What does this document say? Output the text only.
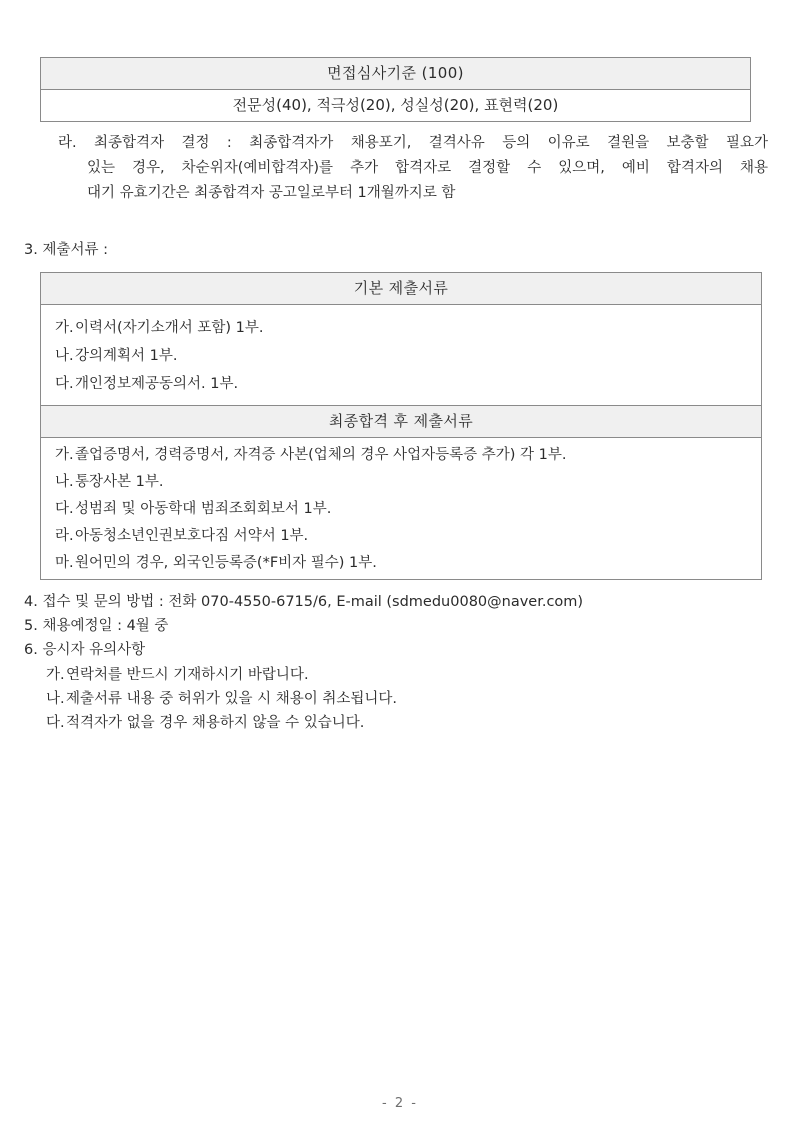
면접심사기준 (100)
전문성(40), 적극성(20), 성실성(20), 표현력(20)
라. 최종합격자 결정 : 최종합격자가 채용포기, 결격사유 등의 이유로 결원을 보충할 필요가
있는 경우, 차순위자(예비합격자)를 추가 합격자로 결정할 수 있으며, 예비 합격자의 채용
대기 유효기간은 최종합격자 공고일로부터 1개월까지로 함
3. 제출서류 :
기본 제출서류

가.이력서(자기소개서 포함) 1부.
나.강의계획서 1부.
다.개인정보제공동의서. 1부.

최종합격 후 제출서류

가.졸업증명서, 경력증명서, 자격증 사본(업체의 경우 사업자등록증 추가) 각 1부.
나.통장사본 1부.
다.성범죄 및 아동학대 범죄조회회보서 1부.
라.아동청소년인권보호다짐 서약서 1부.
마.원어민의 경우, 외국인등록증(*F비자 필수) 1부.
4. 접수 및 문의 방법 : 전화 070-4550-6715/6, E-mail (sdmedu0080@naver.com)
5. 채용예정일 : 4월 중
6. 응시자 유의사항
가.연락처를 반드시 기재하시기 바랍니다.
나.제출서류 내용 중 허위가 있을 시 채용이 취소됩니다.
다.적격자가 없을 경우 채용하지 않을 수 있습니다.
- 2 -
